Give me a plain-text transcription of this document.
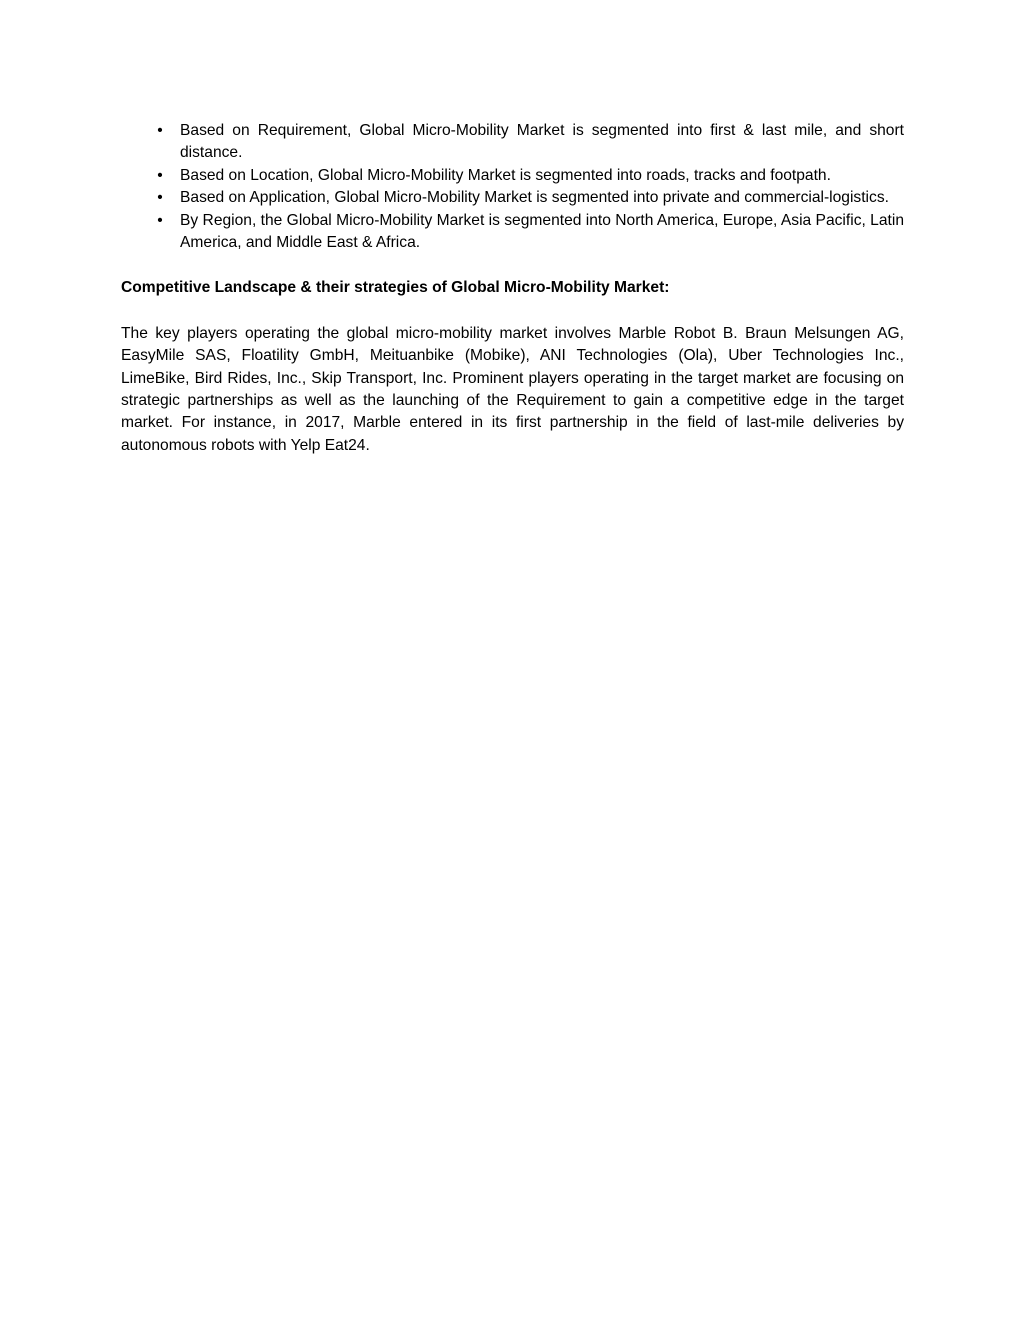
• Based on Requirement, Global Micro-Mobility Market is segmented into first & last mile, and short distance.
• Based on Location, Global Micro-Mobility Market is segmented into roads, tracks and footpath.
• Based on Application, Global Micro-Mobility Market is segmented into private and commercial-logistics.
• By Region, the Global Micro-Mobility Market is segmented into North America, Europe, Asia Pacific, Latin America, and Middle East & Africa.

Competitive Landscape & their strategies of Global Micro-Mobility Market:

The key players operating the global micro-mobility market involves Marble Robot B. Braun Melsungen AG, EasyMile SAS, Floatility GmbH, Meituanbike (Mobike), ANI Technologies (Ola), Uber Technologies Inc., LimeBike, Bird Rides, Inc., Skip Transport, Inc. Prominent players operating in the target market are focusing on strategic partnerships as well as the launching of the Requirement to gain a competitive edge in the target market. For instance, in 2017, Marble entered in its first partnership in the field of last-mile deliveries by autonomous robots with Yelp Eat24.
